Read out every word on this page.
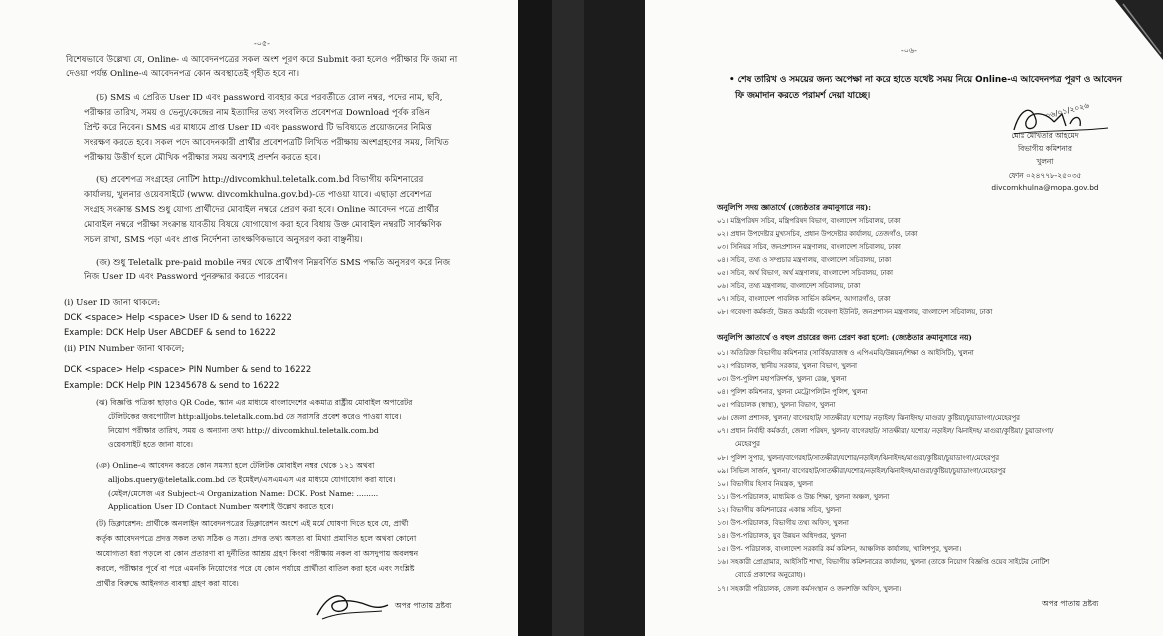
-০৫-
বিশেষভাবে উল্লেখ্য যে, Online- এ আবেদনপত্রের সকল অংশ পূরণ করে Submit করা হলেও পরীক্ষার ফি জমা না
দেওয়া পর্যন্ত Online-এ আবেদনপত্র কোন অবস্থাতেই গৃহীত হবে না।
(চ) SMS এ প্রেরিত User ID এবং password ব্যবহার করে পরবর্তীতে রোল নম্বর, পদের নাম, ছবি,
পরীক্ষার তারিখ, সময় ও ভেন্যু/কেন্দ্রের নাম ইত্যাদির তথ্য সংবলিত প্রবেশপত্র Download পূর্বক রঙিন
প্রিন্ট করে নিবেন। SMS এর মাধ্যমে প্রাপ্ত User ID এবং password টি ভবিষ্যতে প্রয়োজনের নিমিত্ত
সংরক্ষণ করতে হবে। সকল পদে আবেদনকারী প্রার্থীর প্রবেশপত্রটি লিখিত পরীক্ষায় অংশগ্রহণের সময়, লিখিত
পরীক্ষায় উত্তীর্ণ হলে মৌখিক পরীক্ষার সময় অবশ্যই প্রদর্শন করতে হবে।
(ছ) প্রবেশপত্র সংগ্রহের নোটিশ http://divcomkhul.teletalk.com.bd বিভাগীয় কমিশনারের
কার্যালয়, খুলনার ওয়েবসাইটে (www. divcomkhulna.gov.bd)-তে পাওয়া যাবে। এছাড়া প্রবেশপত্র
সংগ্রহ সংক্রান্ত SMS শুধু যোগ্য প্রার্থীদের মোবাইল নম্বরে প্রেরণ করা হবে। Online আবেদন পত্রে প্রার্থীর
মোবাইল নম্বরে পরীক্ষা সংক্রান্ত যাবতীয় বিষয়ে যোগাযোগ করা হবে বিধায় উক্ত মোবাইল নম্বরটি সার্বক্ষণিক
সচল রাখা, SMS পড়া এবং প্রাপ্ত নির্দেশনা তাৎক্ষণিকভাবে অনুসরণ করা বাঞ্ছনীয়।
(জ) শুধু Teletalk pre-paid mobile নম্বর থেকে প্রার্থীগণ নিম্নবর্ণিত SMS পদ্ধতি অনুসরণ করে নিজ
নিজ User ID এবং Password পুনরুদ্ধার করতে পারবেন।
(i) User ID জানা থাকলে:
DCK <space> Help <space> User ID & send to 16222
Example: DCK Help User ABCDEF & send to 16222
(ii) PIN Number জানা থাকলে;
DCK <space> Help <space> PIN Number & send to 16222
Example: DCK Help PIN 12345678 & send to 16222
(ঝ) বিজ্ঞপ্তি পত্রিকা ছাড়াও QR Code, স্ক্যান এর মাধ্যমে বাংলাদেশের একমাত্র রাষ্ট্রীয় মোবাইল অপারেটর
টেলিটকের জবপোর্টাল http:alljobs.teletalk.com.bd তে সরাসরি প্রবেশ করেও পাওয়া যাবে।
নিয়োগ পরীক্ষার তারিখ, সময় ও অন্যান্য তথ্য http:// divcomkhul.teletalk.com.bd
ওয়েবসাইট হতে জানা যাবে।
(ঞ) Online-এ আবেদন করতে কোন সমস্যা হলে টেলিটক মোবাইল নম্বর থেকে ১২১ অথবা
alljobs.query@teletalk.com.bd তে ইমেইল/এসএমএস এর মাধ্যমে যোগাযোগ করা যাবে।
(মেইল/মেসেজ এর Subject-এ Organization Name: DCK. Post Name: .........
Application User ID Contact Number অবশ্যই উল্লেখ করতে হবে।
(ট) ডিক্লারেশন: প্রার্থীকে অনলাইন আবেদনপত্রের ডিক্লারেশন অংশে এই মর্মে ঘোষণা দিতে হবে যে, প্রার্থী
কর্তৃক আবেদনপত্রে প্রদত্ত সকল তথ্য সঠিক ও সত্য। প্রদত্ত তথ্য অসত্য বা মিথ্যা প্রমাণিত হলে অথবা কোনো
অযোগ্যতা ধরা পড়লে বা কোন প্রতারণা বা দুর্নীতির আশ্রয় গ্রহণ কিংবা পরীক্ষায় নকল বা অসদুপায় অবলম্বন
করলে, পরীক্ষার পূর্বে বা পরে এমনকি নিয়োগের পরে যে কোন পর্যায়ে প্রার্থীতা বাতিল করা হবে এবং সংশ্লিষ্ট
প্রার্থীর বিরুদ্ধে আইনগত ব্যবস্থা গ্রহণ করা যাবে।
অপর পাতায় দ্রষ্টব্য
-০৬-
• শেষ তারিখ ও সময়ের জন্য অপেক্ষা না করে হাতে যথেষ্ট সময় নিয়ে Online-এ আবেদনপত্র পূরণ ও আবেদন
ফি জমাদান করতে পরামর্শ দেয়া যাচ্ছে।
০৬/০১/২০২৬
মোঃ মোখতার আহমেদ
বিভাগীয় কমিশনার
খুলনা
ফোন ০২৪৭৭৮-২৫০৩৫
divcomkhulna@mopa.gov.bd
অনুলিপি সদয় জ্ঞাতার্থে (জ্যেষ্ঠতার ক্রমানুসারে নয়):
০১। মন্ত্রিপরিষদ সচিব, মন্ত্রিপরিষদ বিভাগ, বাংলাদেশ সচিবালয়, ঢাকা
০২। প্রধান উপদেষ্টার মুখ্যসচিব, প্রধান উপদেষ্টার কার্যালয়, তেজগাঁও, ঢাকা
০৩। সিনিয়র সচিব, জনপ্রশাসন মন্ত্রণালয়, বাংলাদেশ সচিবালয়, ঢাকা
০৪। সচিব, তথ্য ও সম্প্রচার মন্ত্রণালয়, বাংলাদেশ সচিবালয়, ঢাকা
০৫। সচিব, অর্থ বিভাগ, অর্থ মন্ত্রণালয়, বাংলাদেশ সচিবালয়, ঢাকা
০৬। সচিব, তথ্য মন্ত্রণালয়, বাংলাদেশ সচিবালয়, ঢাকা
০৭। সচিব, বাংলাদেশ পাবলিক সার্ভিস কমিশন, আগারগাঁও, ঢাকা
০৮। গবেষণা কর্মকর্তা, উন্নত কর্মচারী গবেষণা ইউনিট, জনপ্রশাসন মন্ত্রণালয়, বাংলাদেশ সচিবালয়, ঢাকা
অনুলিপি জ্ঞাতার্থে ও বহুল প্রচারের জন্য প্রেরণ করা হলো: (জ্যেষ্ঠতার ক্রমানুসারে নয়)
০১। অতিরিক্ত বিভাগীয় কমিশনার (সার্বিক/রাজস্ব ও এপিএমবি/উন্নয়ন/শিক্ষা ও আইসিটি), খুলনা
০২। পরিচালক, স্থানীয় সরকার, খুলনা বিভাগ, খুলনা
০৩। উপ-পুলিশ মহাপরিদর্শক, খুলনা রেঞ্জ, খুলনা
০৪। পুলিশ কমিশনার, খুলনা মেট্রোপলিটন পুলিশ, খুলনা
০৫। পরিচালক (স্বাস্থ্য), খুলনা বিভাগ, খুলনা
০৬। জেলা প্রশাসক, খুলনা/ বাগেরহাট/ সাতক্ষীরা/ যশোর/ নড়াইল/ ঝিনাইদহ/ মাগুরা/ কুষ্টিয়া/চুয়াডাংগা/মেহেরপুর
০৭। প্রধান নির্বাহী কর্মকর্তা, জেলা পরিষদ, খুলনা/ বাগেরহাট/ সাতক্ষীরা/ যশোর/ নড়াইল/ ঝিনাইদহ/ মাগুরা/কুষ্টিয়া/ চুয়াডাংগা/
মেহেরপুর
০৮। পুলিশ সুপার, খুলনা/বাগেরহাট/সাতক্ষীরা/যশোর/নড়াইল/ঝিনাইদহ/মাগুরা/কুষ্টিয়া/চুয়াডাংগা/মেহেরপুর
০৯। সিভিল সার্জন, খুলনা/ বাগেরহাট/সাতক্ষীরা/যশোর/নড়াইল/ঝিনাইদহ/মাগুরা/কুষ্টিয়া/চুয়াডাংগা/মেহেরপুর
১০। বিভাগীয় হিসাব নিয়ন্ত্রক, খুলনা
১১। উপ-পরিচালক, মাধ্যমিক ও উচ্চ শিক্ষা, খুলনা অঞ্চল, খুলনা
১২। বিভাগীয় কমিশনারের একান্ত সচিব, খুলনা
১৩। উপ-পরিচালক, বিভাগীয় তথ্য অফিস, খুলনা
১৪। উপ-পরিচালক, যুব উন্নয়ন অধিদপ্তর, খুলনা
১৫। উপ- পরিচালক, বাংলাদেশ সরকারি কর্ম কমিশন, আঞ্চলিক কার্যালয়, খালিশপুর, খুলনা।
১৬। সহকারী প্রোগ্রামার, আইসিটি শাখা, বিভাগীয় কমিশনারের কার্যালয়, খুলনা (তাকে নিয়োগ বিজ্ঞপ্তি ওয়েব সাইটের নোটিশ
বোর্ডে প্রকাশের অনুরোধ)।
১৭। সহকারী পরিচালক, জেলা কর্মসংস্থান ও জনশক্তি অফিস, খুলনা।
অপর পাতায় দ্রষ্টব্য
